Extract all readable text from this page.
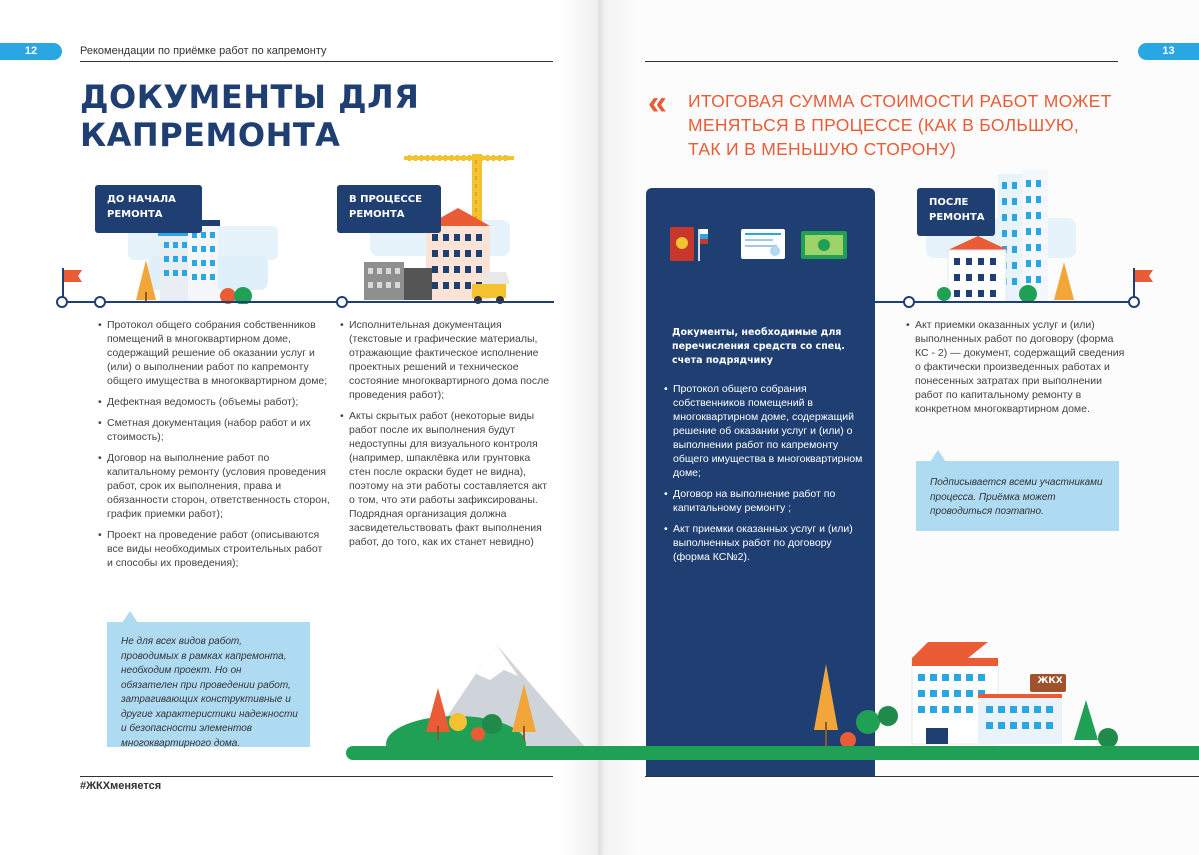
12	13
Рекомендации по приёмке работ по капремонту
ДОКУМЕНТЫ ДЛЯ
КАПРЕМОНТА
« ИТОГОВАЯ СУММА СТОИМОСТИ РАБОТ МОЖЕТ
МЕНЯТЬСЯ В ПРОЦЕССЕ (КАК В БОЛЬШУЮ,
ТАК И В МЕНЬШУЮ СТОРОНУ)
ДО НАЧАЛА
РЕМОНТА
В ПРОЦЕССЕ
РЕМОНТА
ПОСЛЕ
РЕМОНТА
• Протокол общего собрания собственников помещений в многоквартирном доме, содержащий решение об оказании услуг и (или) о выполнении работ по капремонту общего имущества в многоквартирном доме;
• Дефектная ведомость (объемы работ);
• Сметная документация (набор работ и их стоимость);
• Договор на выполнение работ по капитальному ремонту (условия проведения работ, срок их выполнения, права и обязанности сторон, ответственность сторон, график приемки работ);
• Проект на проведение работ (описываются все виды необходимых строительных работ и способы их проведения);
Не для всех видов работ, проводимых в рамках капремонта, необходим проект. Но он обязателен при проведении работ, затрагивающих конструктивные и другие характеристики надежности и безопасности элементов многоквартирного дома.
• Исполнительная документация (текстовые и графические материалы, отражающие фактическое исполнение проектных решений и техническое состояние многоквартирного дома после проведения работ);
• Акты скрытых работ (некоторые виды работ после их выполнения будут недоступны для визуального контроля (например, шпаклёвка или грунтовка стен после окраски будет не видна), поэтому на эти работы составляется акт о том, что эти работы зафиксированы. Подрядная организация должна засвидетельствовать факт выполнения работ, до того, как их станет невидно)
Документы, необходимые для перечисления средств со спец. счета подрядчику
• Протокол общего собрания собственников помещений в многоквартирном доме, содержащий решение об оказании услуг и (или) о выполнении работ по капремонту общего имущества в многоквартирном доме;
• Договор на выполнение работ по капитальному ремонту ;
• Акт приемки оказанных услуг и (или) выполненных работ по договору (форма КС№2).
• Акт приемки оказанных услуг и (или) выполненных работ по договору (форма КС - 2) — документ, содержащий сведения о фактически произведенных работах и понесенных затратах при выполнении работ по капитальному ремонту в конкретном многоквартирном доме.
Подписывается всеми участниками процесса. Приёмка может проводиться поэтапно.
ЖКХ
#ЖКХменяется
